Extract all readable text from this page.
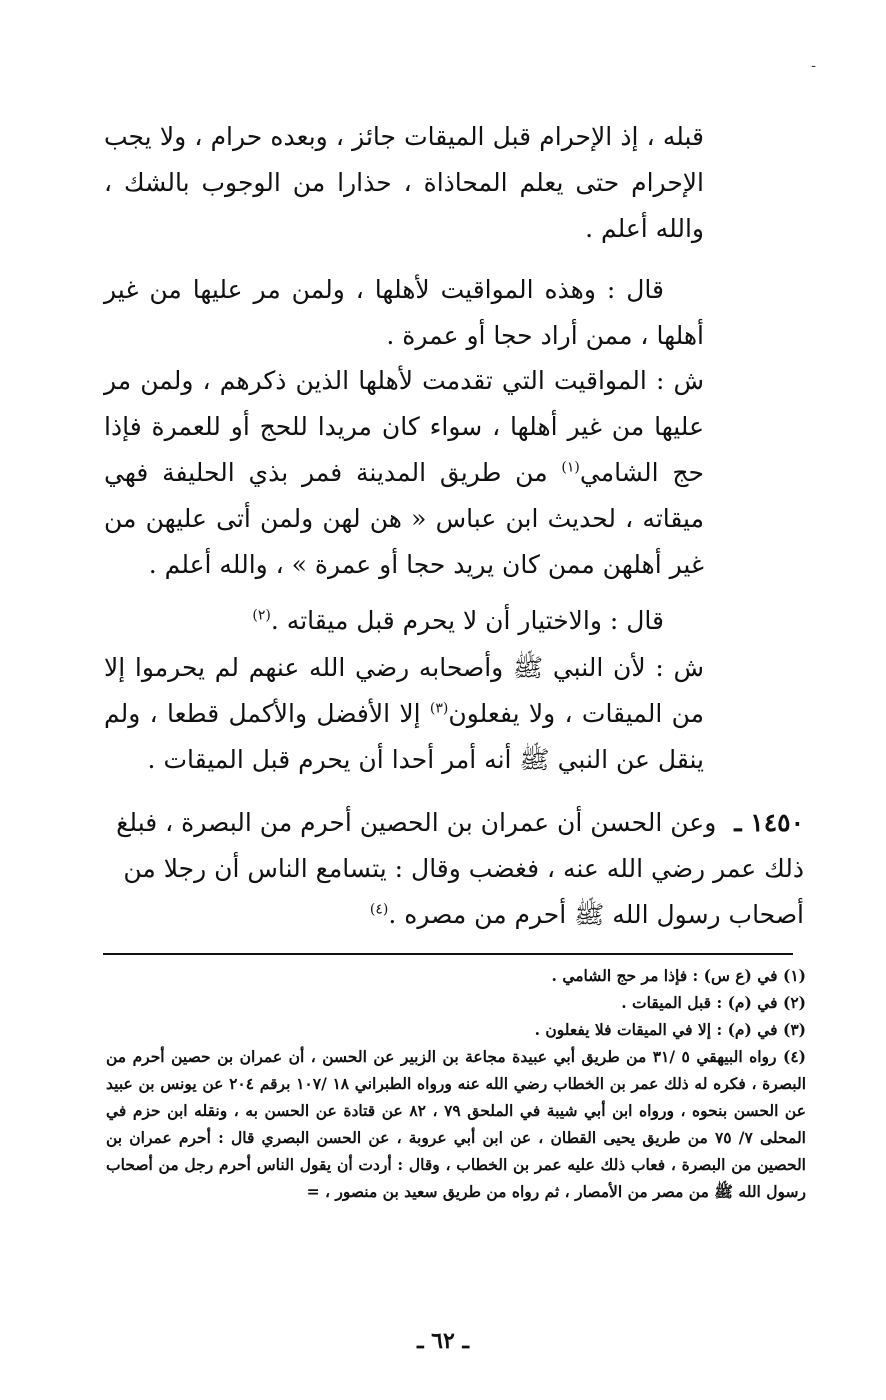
-
قبله ، إذ الإحرام قبل الميقات جائز ، وبعده حرام ، ولا يجب الإحرام حتى يعلم المحاذاة ، حذارا من الوجوب بالشك ، والله أعلم .
قال : وهذه المواقيت لأهلها ، ولمن مر عليها من غير أهلها ، ممن أراد حجا أو عمرة .
ش : المواقيت التي تقدمت لأهلها الذين ذكرهم ، ولمن مر عليها من غير أهلها ، سواء كان مريدا للحج أو للعمرة فإذا حج الشامي$^{(١)}$ من طريق المدينة فمر بذي الحليفة فهي ميقاته ، لحديث ابن عباس « هن لهن ولمن أتى عليهن من غير أهلهن ممن كان يريد حجا أو عمرة » ، والله أعلم .
قال : والاختيار أن لا يحرم قبل ميقاته .$^{(٢)}$
ش : لأن النبي ﷺ وأصحابه رضي الله عنهم لم يحرموا إلا من الميقات ، ولا يفعلون$^{(٣)}$ إلا الأفضل والأكمل قطعا ، ولم ينقل عن النبي ﷺ أنه أمر أحدا أن يحرم قبل الميقات .
١٤٥٠ ـ وعن الحسن أن عمران بن الحصين أحرم من البصرة ، فبلغ ذلك عمر رضي الله عنه ، فغضب وقال : يتسامع الناس أن رجلا من أصحاب رسول الله ﷺ أحرم من مصره .$^{(٤)}$
(١) في (ع س) : فإذا مر حج الشامي .
(٢) في (م) : قبل الميقات .
(٣) في (م) : إلا في الميقات فلا يفعلون .
(٤) رواه البيهقي ٥ /٣١ من طريق أبي عبيدة مجاعة بن الزبير عن الحسن ، أن عمران بن حصين أحرم من البصرة ، فكره له ذلك عمر بن الخطاب رضي الله عنه ورواه الطبراني ١٨ /١٠٧ برقم ٢٠٤ عن يونس بن عبيد عن الحسن بنحوه ، ورواه ابن أبي شيبة في الملحق ٧٩ ، ٨٢ عن قتادة عن الحسن به ، ونقله ابن حزم في المحلى ٧/ ٧٥ من طريق يحيى القطان ، عن ابن أبي عروبة ، عن الحسن البصري قال : أحرم عمران بن الحصين من البصرة ، فعاب ذلك عليه عمر بن الخطاب ، وقال : أردت أن يقول الناس أحرم رجل من أصحاب رسول الله ﷺ من مصر من الأمصار ، ثم رواه من طريق سعيد بن منصور ، =
ـ ٦٢ ـ
